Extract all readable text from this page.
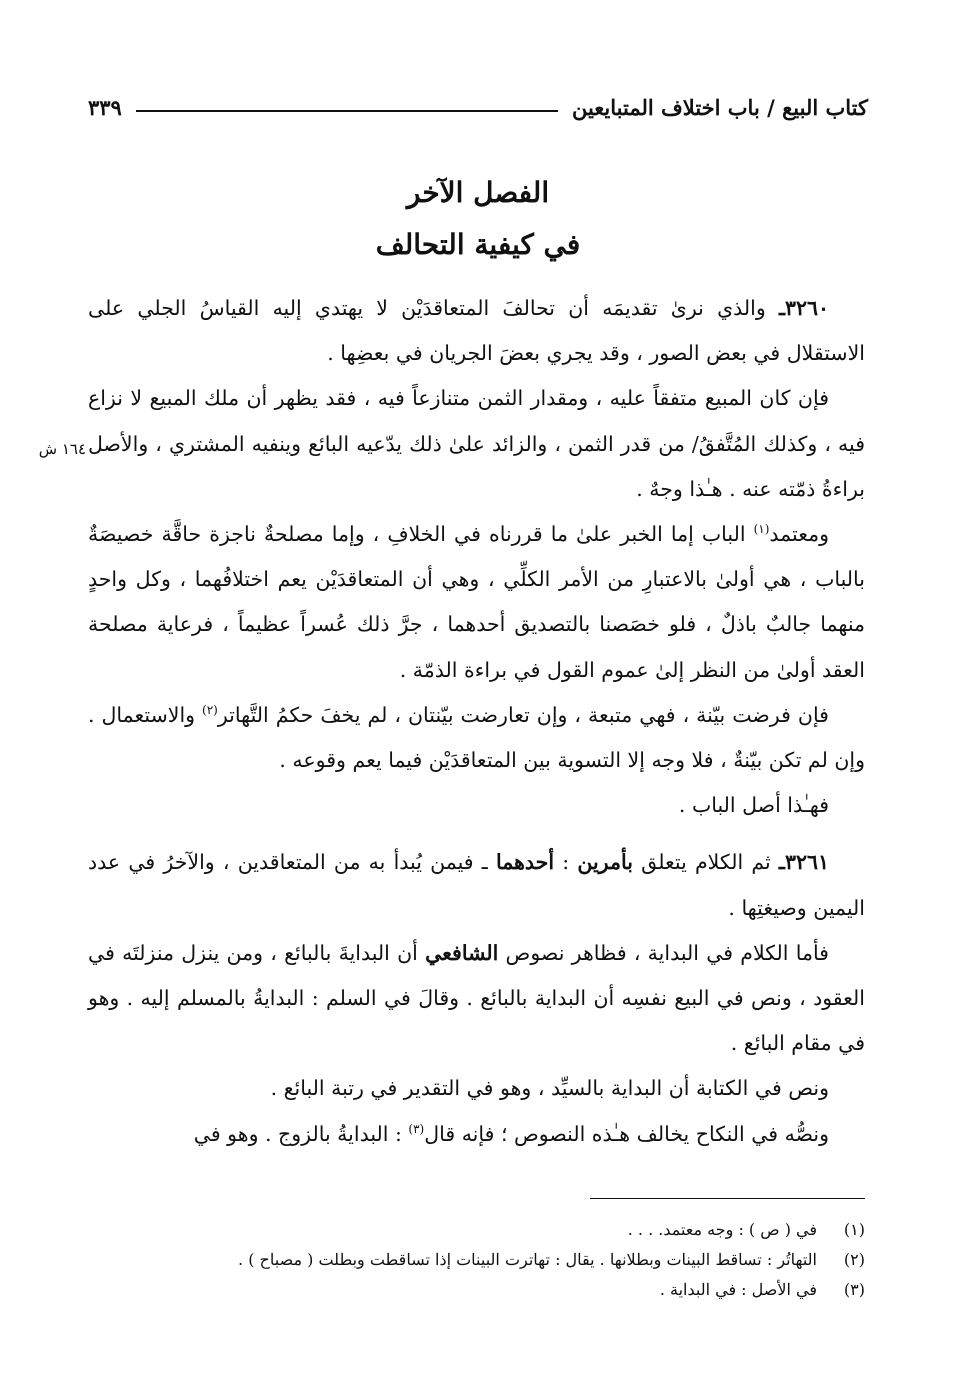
كتاب البيع / باب اختلاف المتبايعين
٣٣٩
الفصل الآخر
في كيفية التحالف
١٦٤ ش

٣٢٦٠ـ والذي نرىٰ تقديمَه أن تحالفَ المتعاقدَيْن لا يهتدي إليه القياسُ الجلي على الاستقلال في بعض الصور ، وقد يجري بعضَ الجريان في بعضِها .

فإن كان المبيع متفقاً عليه ، ومقدار الثمن متنازعاً فيه ، فقد يظهر أن ملك المبيع لا نزاع فيه ، وكذلك المُتَّفقُ/ من قدر الثمن ، والزائد علىٰ ذلك يدّعيه البائع وينفيه المشتري ، والأصل براءةُ ذمّته عنه . هـٰذا وجهٌ .

ومعتمد$^{(١)}$ الباب إما الخبر علىٰ ما قررناه في الخلافِ ، وإما مصلحةٌ ناجزة حاقَّة خصيصَةٌ بالباب ، هي أولىٰ بالاعتبارِ من الأمر الكلِّي ، وهي أن المتعاقدَيْن يعم اختلافُهما ، وكل واحدٍ منهما جالبٌ باذلٌ ، فلو خصَصنا بالتصديق أحدهما ، جرَّ ذلك عُسراً عظيماً ، فرعاية مصلحة العقد أولىٰ من النظر إلىٰ عموم القول في براءة الذمّة .

فإن فرضت بيّنة ، فهي متبعة ، وإن تعارضت بيّنتان ، لم يخفَ حكمُ التَّهاتر$^{(٢)}$ والاستعمال . وإن لم تكن بيّنةٌ ، فلا وجه إلا التسوية بين المتعاقدَيْن فيما يعم وقوعه .

فهـٰذا أصل الباب .

٣٢٦١ـ ثم الكلام يتعلق بأمرين : أحدهما ـ فيمن يُبدأ به من المتعاقدين ، والآخرُ في عدد اليمين وصيغتِها .

فأما الكلام في البداية ، فظاهر نصوص الشافعي أن البدايةَ بالبائع ، ومن ينزل منزلتَه في العقود ، ونص في البيع نفسِه أن البداية بالبائع . وقالَ في السلم : البدايةُ بالمسلم إليه . وهو في مقام البائع .

ونص في الكتابة أن البداية بالسيِّد ، وهو في التقدير في رتبة البائع .

ونصُّه في النكاح يخالف هـٰذه النصوص ؛ فإنه قال$^{(٣)}$ : البدايةُ بالزوج . وهو في

(١)
في ( ص ) : وجه معتمد. . . .
(٢)
التهاتُر : تساقط البينات وبطلانها . يقال : تهاترت البينات إذا تساقطت وبطلت ( مصباح ) .
(٣)
في الأصل : في البداية .
